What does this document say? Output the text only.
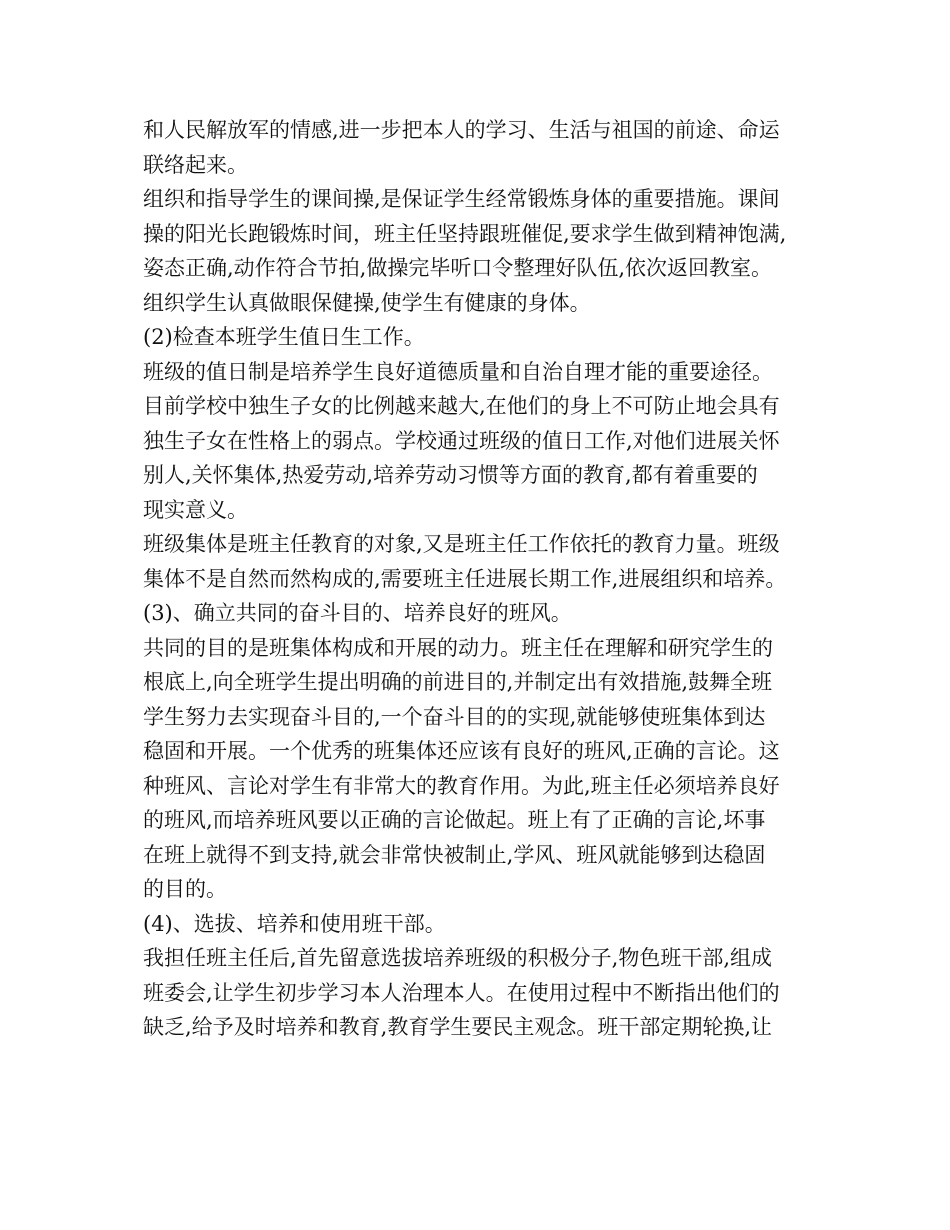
和人民解放军的情感,进一步把本人的学习、生活与祖国的前途、命运
联络起来。
组织和指导学生的课间操,是保证学生经常锻炼身体的重要措施。课间
操的阳光长跑锻炼时间，班主任坚持跟班催促,要求学生做到精神饱满,
姿态正确,动作符合节拍,做操完毕听口令整理好队伍,依次返回教室。
组织学生认真做眼保健操,使学生有健康的身体。
(2)检查本班学生值日生工作。
班级的值日制是培养学生良好道德质量和自治自理才能的重要途径。
目前学校中独生子女的比例越来越大,在他们的身上不可防止地会具有
独生子女在性格上的弱点。学校通过班级的值日工作,对他们进展关怀
别人,关怀集体,热爱劳动,培养劳动习惯等方面的教育,都有着重要的
现实意义。
班级集体是班主任教育的对象,又是班主任工作依托的教育力量。班级
集体不是自然而然构成的,需要班主任进展长期工作,进展组织和培养。
(3)、确立共同的奋斗目的、培养良好的班风。
共同的目的是班集体构成和开展的动力。班主任在理解和研究学生的
根底上,向全班学生提出明确的前进目的,并制定出有效措施,鼓舞全班
学生努力去实现奋斗目的,一个奋斗目的的实现,就能够使班集体到达
稳固和开展。一个优秀的班集体还应该有良好的班风,正确的言论。这
种班风、言论对学生有非常大的教育作用。为此,班主任必须培养良好
的班风,而培养班风要以正确的言论做起。班上有了正确的言论,坏事
在班上就得不到支持,就会非常快被制止,学风、班风就能够到达稳固
的目的。
(4)、选拔、培养和使用班干部。
我担任班主任后,首先留意选拔培养班级的积极分子,物色班干部,组成
班委会,让学生初步学习本人治理本人。在使用过程中不断指出他们的
缺乏,给予及时培养和教育,教育学生要民主观念。班干部定期轮换,让
